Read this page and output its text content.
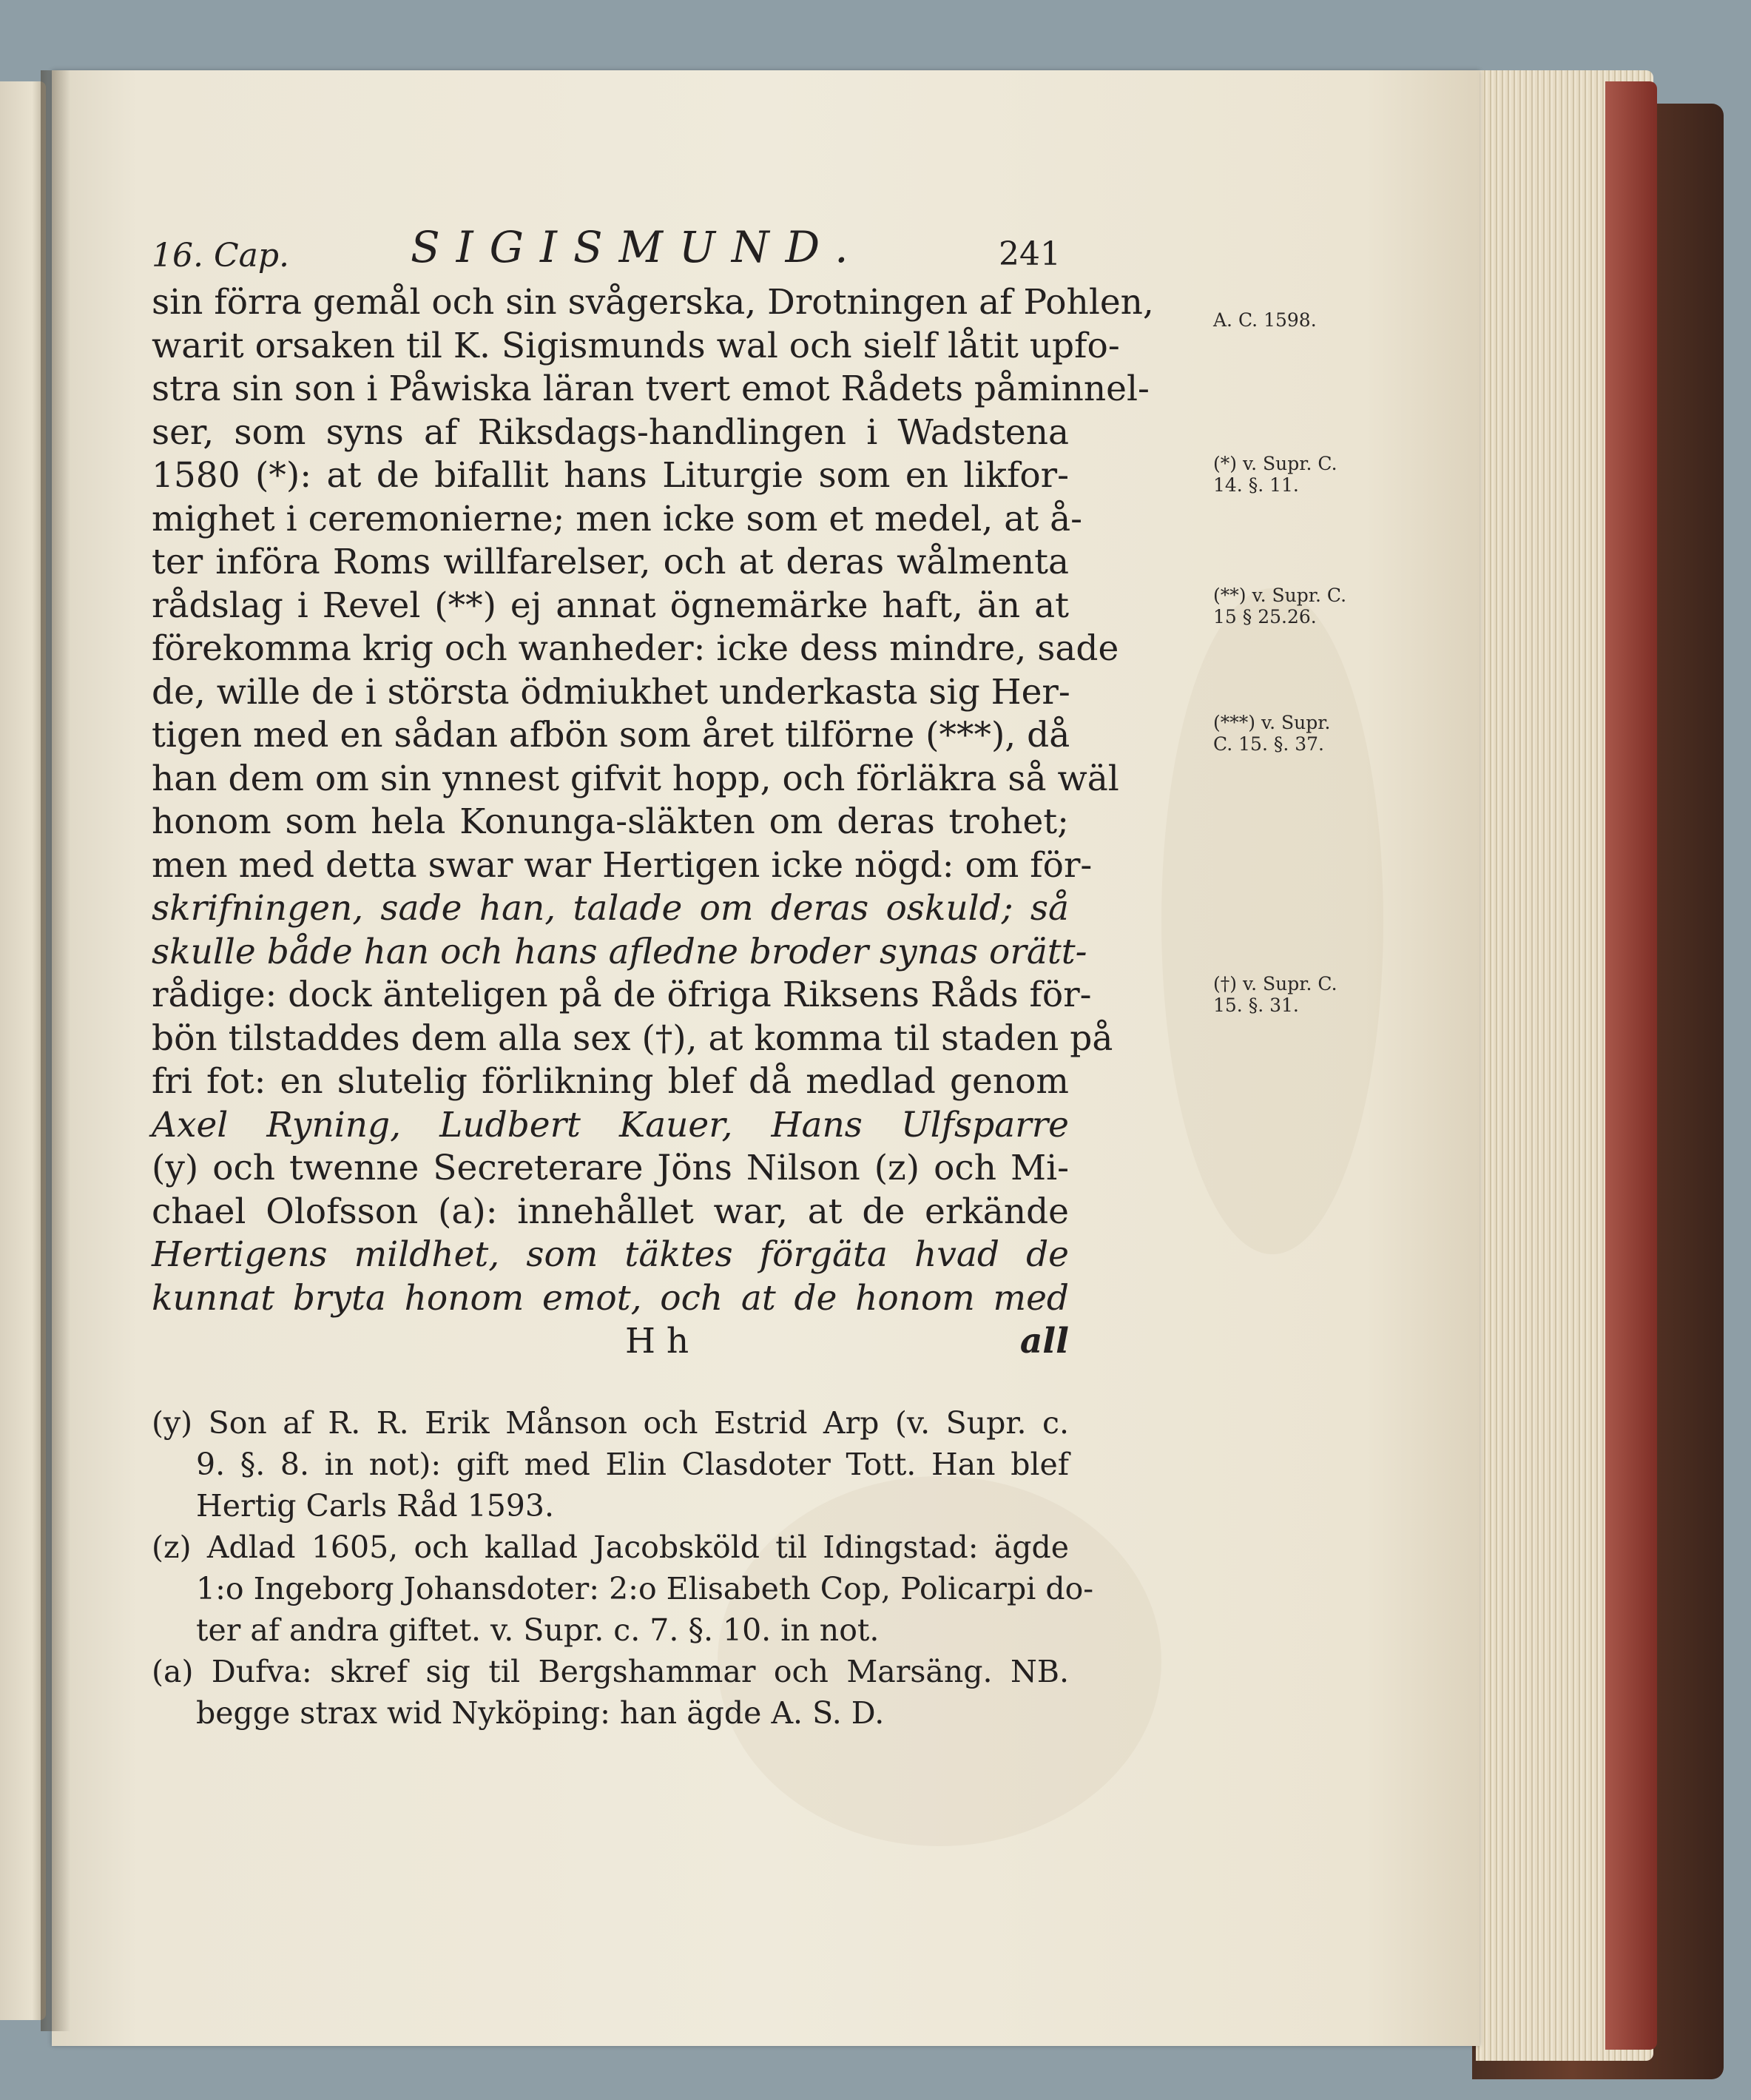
16. Cap.	SIGISMUND.	241
sin förra gemål och sin svågerska, Drotningen af Pohlen,
warit orsaken til K. Sigismunds wal och sielf låtit upfo-
stra sin son i Påwiska läran tvert emot Rådets påminnel-
ser, som syns af Riksdags-handlingen i Wadstena
1580 (*): at de bifallit hans Liturgie som en likfor-
mighet i ceremonierne; men icke som et medel, at å-
ter införa Roms willfarelser, och at deras wålmenta
rådslag i Revel (**) ej annat ögnemärke haft, än at
förekomma krig och wanheder: icke dess mindre, sade
de, wille de i största ödmiukhet underkasta sig Her-
tigen med en sådan afbön som året tilförne (***), då
han dem om sin ynnest gifvit hopp, och förläkra så wäl
honom som hela Konunga-släkten om deras trohet;
men med detta swar war Hertigen icke nögd: om för-
skrifningen, sade han, talade om deras oskuld; så
skulle både han och hans afledne broder synas orätt-
rådige: dock änteligen på de öfriga Riksens Råds för-
bön tilstaddes dem alla sex (†), at komma til staden på
fri fot: en slutelig förlikning blef då medlad genom
Axel Ryning, Ludbert Kauer, Hans Ulfsparre
(y) och twenne Secreterare Jöns Nilson (z) och Mi-
chael Olofsson (a): innehållet war, at de erkände
Hertigens mildhet, som täktes förgäta hvad de
kunnat bryta honom emot, och at de honom med
H h	all
(y) Son af R. R. Erik Månson och Estrid Arp (v. Supr. c.
9. §. 8. in not): gift med Elin Clasdoter Tott. Han blef
Hertig Carls Råd 1593.
(z) Adlad 1605, och kallad Jacobsköld til Idingstad: ägde
1:o Ingeborg Johansdoter: 2:o Elisabeth Cop, Policarpi do-
ter af andra giftet. v. Supr. c. 7. §. 10. in not.
(a) Dufva: skref sig til Bergshammar och Marsäng. NB.
begge strax wid Nyköping: han ägde A. S. D.
A. C. 1598.
(*) v. Supr. C.
14. §. 11.
(**) v. Supr. C.
15 § 25.26.
(***) v. Supr.
C. 15. §. 37.
(†) v. Supr. C.
15. §. 31.
